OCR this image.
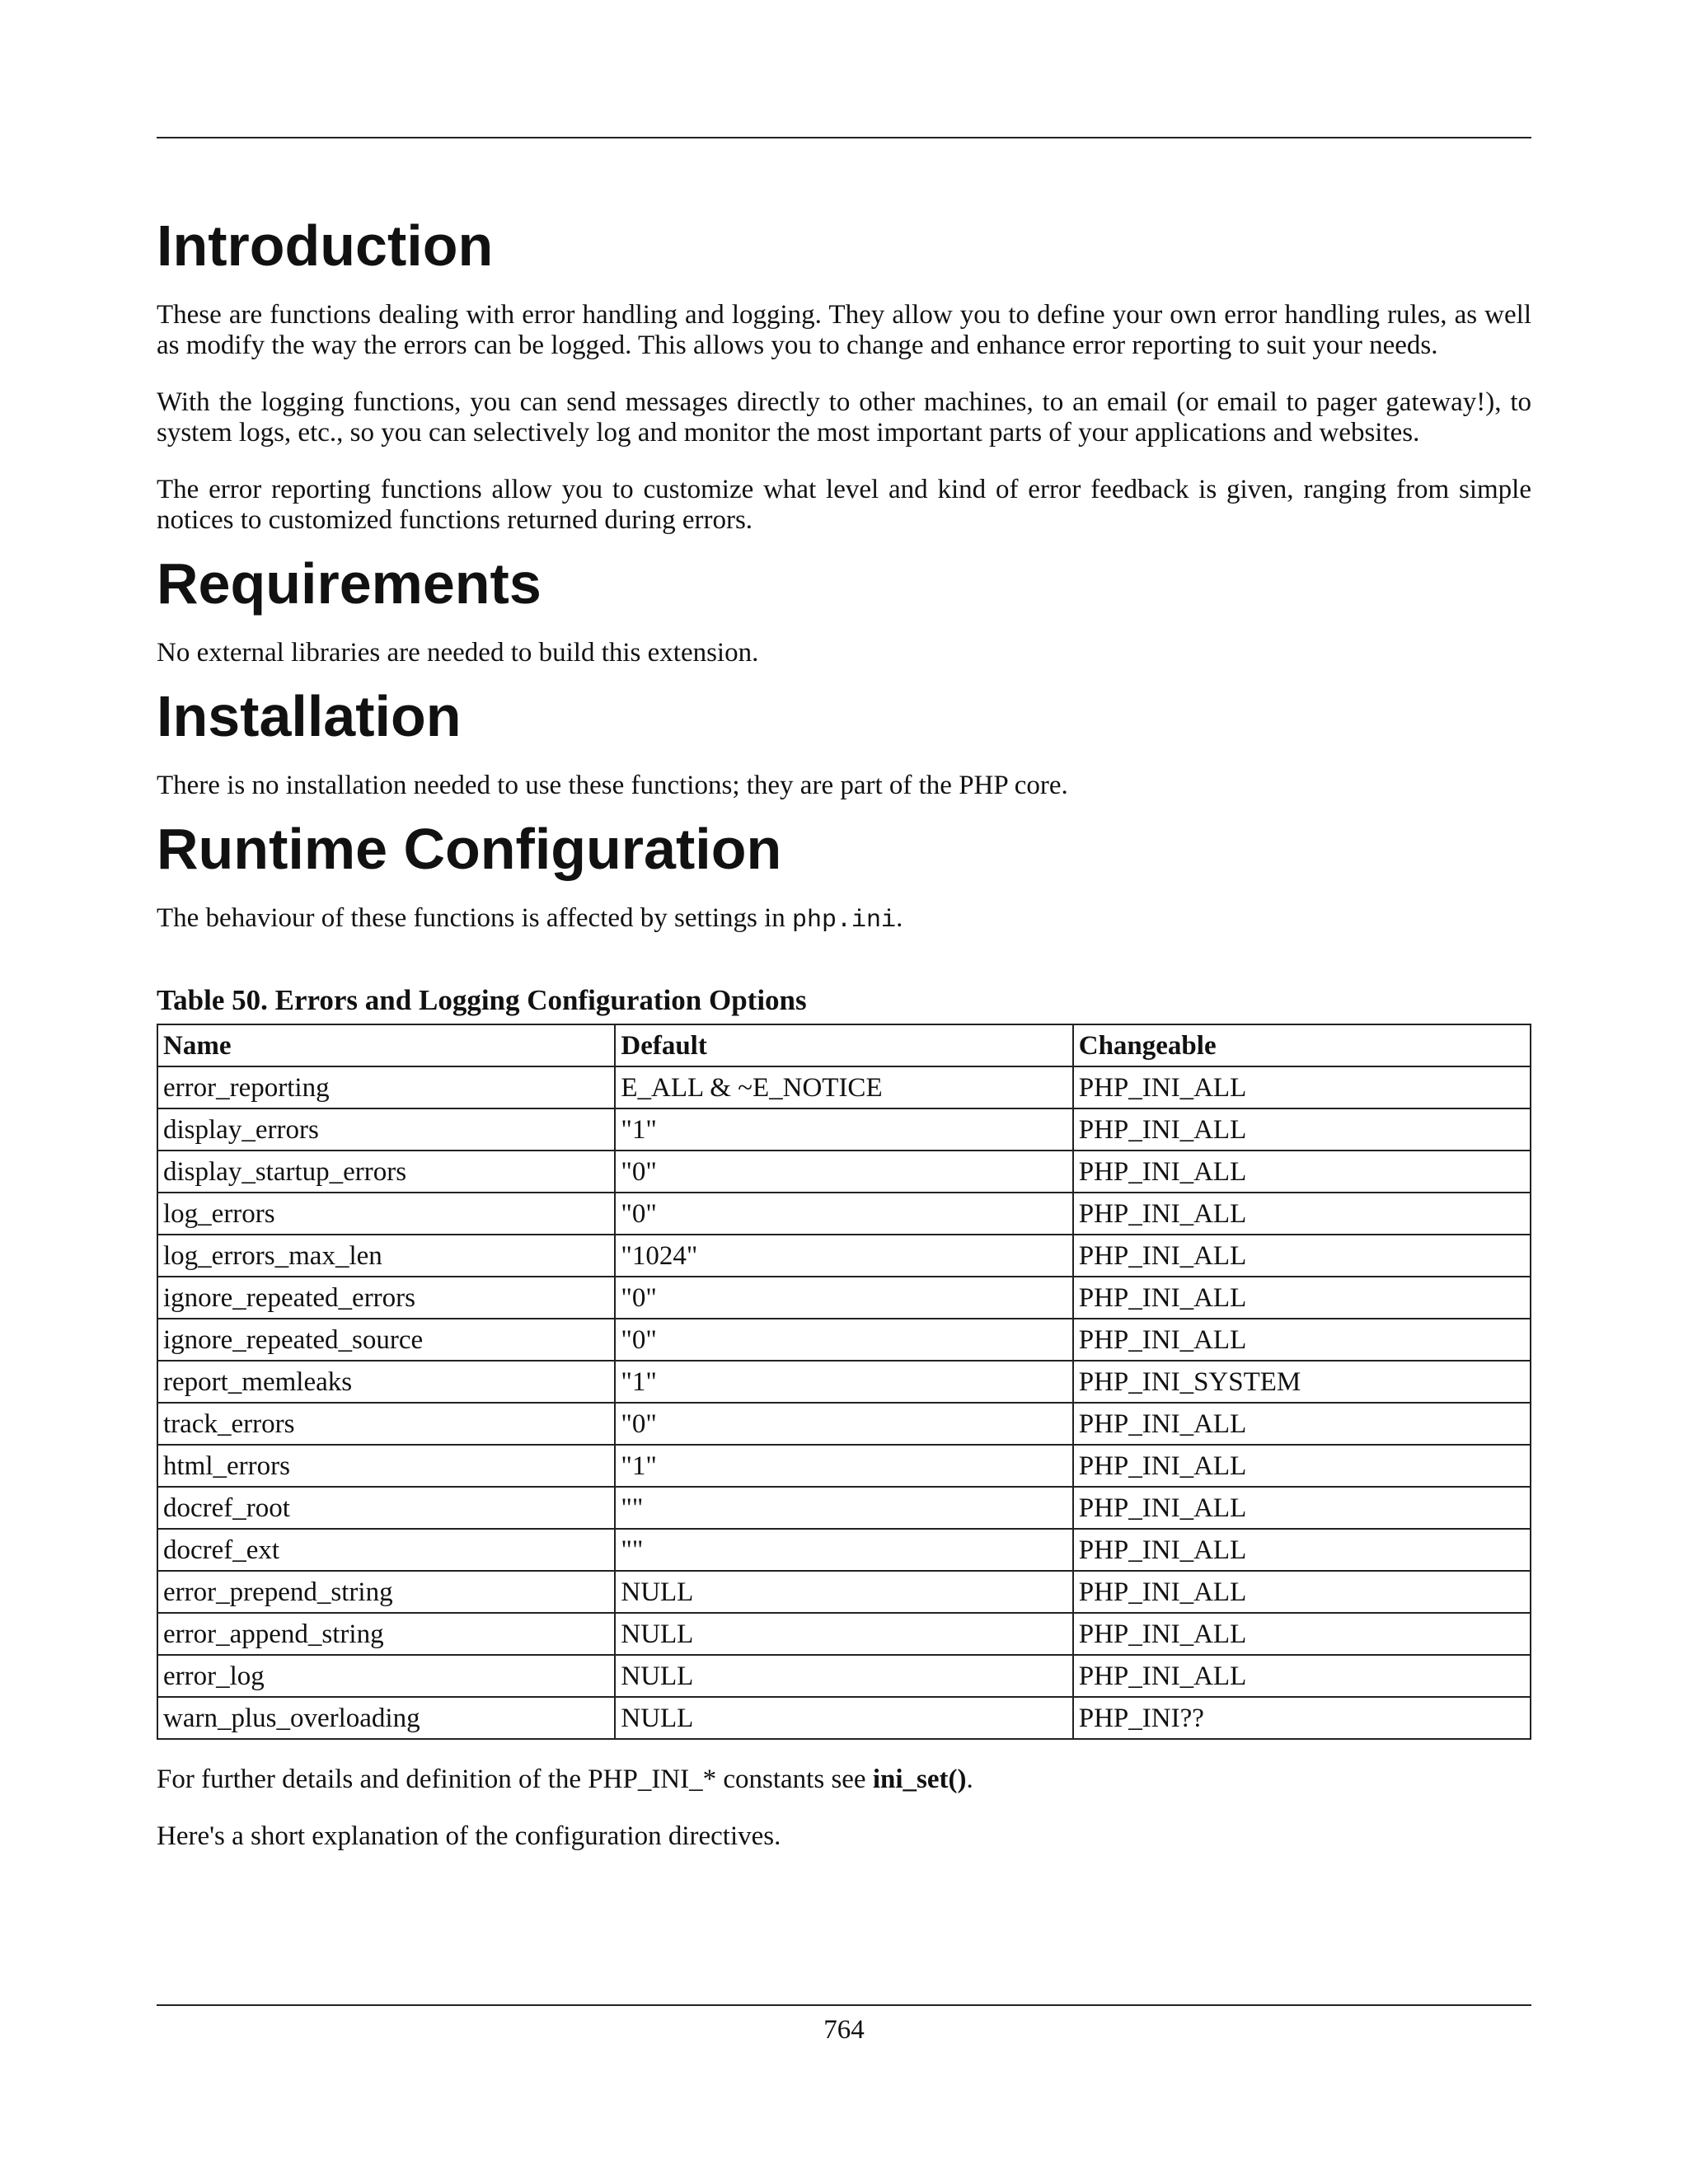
Introduction

These are functions dealing with error handling and logging. They allow you to define your own error handling rules, as well as modify the way the errors can be logged. This allows you to change and enhance error reporting to suit your needs.

With the logging functions, you can send messages directly to other machines, to an email (or email to pager gateway!), to system logs, etc., so you can selectively log and monitor the most important parts of your applications and websites.

The error reporting functions allow you to customize what level and kind of error feedback is given, ranging from simple notices to customized functions returned during errors.

Requirements

No external libraries are needed to build this extension.

Installation

There is no installation needed to use these functions; they are part of the PHP core.

Runtime Configuration

The behaviour of these functions is affected by settings in php.ini.

Table 50. Errors and Logging Configuration Options
Name	Default	Changeable
error_reporting	E_ALL & ~E_NOTICE	PHP_INI_ALL
display_errors	"1"	PHP_INI_ALL
display_startup_errors	"0"	PHP_INI_ALL
log_errors	"0"	PHP_INI_ALL
log_errors_max_len	"1024"	PHP_INI_ALL
ignore_repeated_errors	"0"	PHP_INI_ALL
ignore_repeated_source	"0"	PHP_INI_ALL
report_memleaks	"1"	PHP_INI_SYSTEM
track_errors	"0"	PHP_INI_ALL
html_errors	"1"	PHP_INI_ALL
docref_root	""	PHP_INI_ALL
docref_ext	""	PHP_INI_ALL
error_prepend_string	NULL	PHP_INI_ALL
error_append_string	NULL	PHP_INI_ALL
error_log	NULL	PHP_INI_ALL
warn_plus_overloading	NULL	PHP_INI??

For further details and definition of the PHP_INI_* constants see ini_set().

Here's a short explanation of the configuration directives.

764
